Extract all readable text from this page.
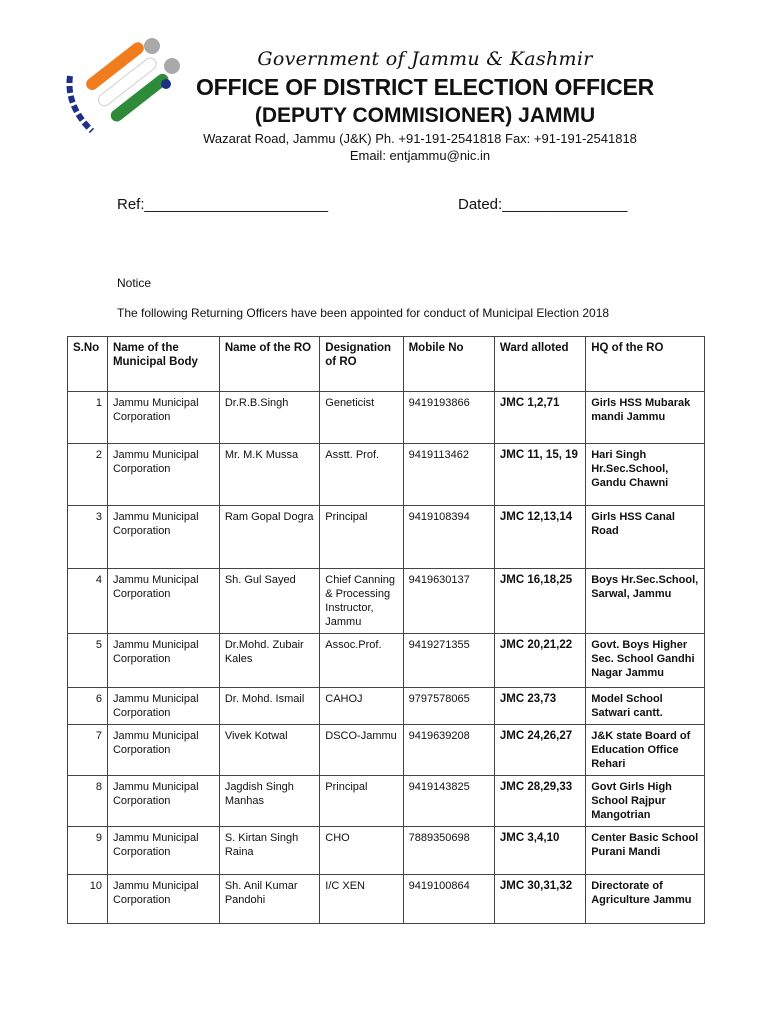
Government of Jammu & Kashmir
OFFICE OF DISTRICT ELECTION OFFICER
(DEPUTY COMMISIONER) JAMMU
Wazarat Road, Jammu (J&K) Ph. +91-191-2541818 Fax: +91-191-2541818
Email: entjammu@nic.in
Ref:______________________	Dated:_______________
Notice
The following Returning Officers have been appointed for conduct of Municipal Election 2018
S.No	Name of the Municipal Body	Name of the RO	Designation of RO	Mobile No	Ward alloted	HQ of the RO
1	Jammu Municipal Corporation	Dr.R.B.Singh	Geneticist	9419193866	JMC 1,2,71	Girls HSS Mubarak mandi Jammu
2	Jammu Municipal Corporation	Mr. M.K Mussa	Asstt. Prof.	9419113462	JMC 11, 15, 19	Hari Singh Hr.Sec.School, Gandu Chawni
3	Jammu Municipal Corporation	Ram Gopal Dogra	Principal	9419108394	JMC 12,13,14	Girls HSS Canal Road
4	Jammu Municipal Corporation	Sh. Gul Sayed	Chief Canning & Processing Instructor, Jammu	9419630137	JMC 16,18,25	Boys Hr.Sec.School, Sarwal, Jammu
5	Jammu Municipal Corporation	Dr.Mohd. Zubair Kales	Assoc.Prof.	9419271355	JMC 20,21,22	Govt. Boys Higher Sec. School Gandhi Nagar Jammu
6	Jammu Municipal Corporation	Dr. Mohd. Ismail	CAHOJ	9797578065	JMC 23,73	Model School Satwari cantt.
7	Jammu Municipal Corporation	Vivek Kotwal	DSCO-Jammu	9419639208	JMC 24,26,27	J&K state Board of Education Office Rehari
8	Jammu Municipal Corporation	Jagdish Singh Manhas	Principal	9419143825	JMC 28,29,33	Govt Girls High School Rajpur Mangotrian
9	Jammu Municipal Corporation	S. Kirtan Singh Raina	CHO	7889350698	JMC 3,4,10	Center Basic School Purani Mandi
10	Jammu Municipal Corporation	Sh. Anil Kumar Pandohi	I/C XEN	9419100864	JMC 30,31,32	Directorate of Agriculture Jammu
